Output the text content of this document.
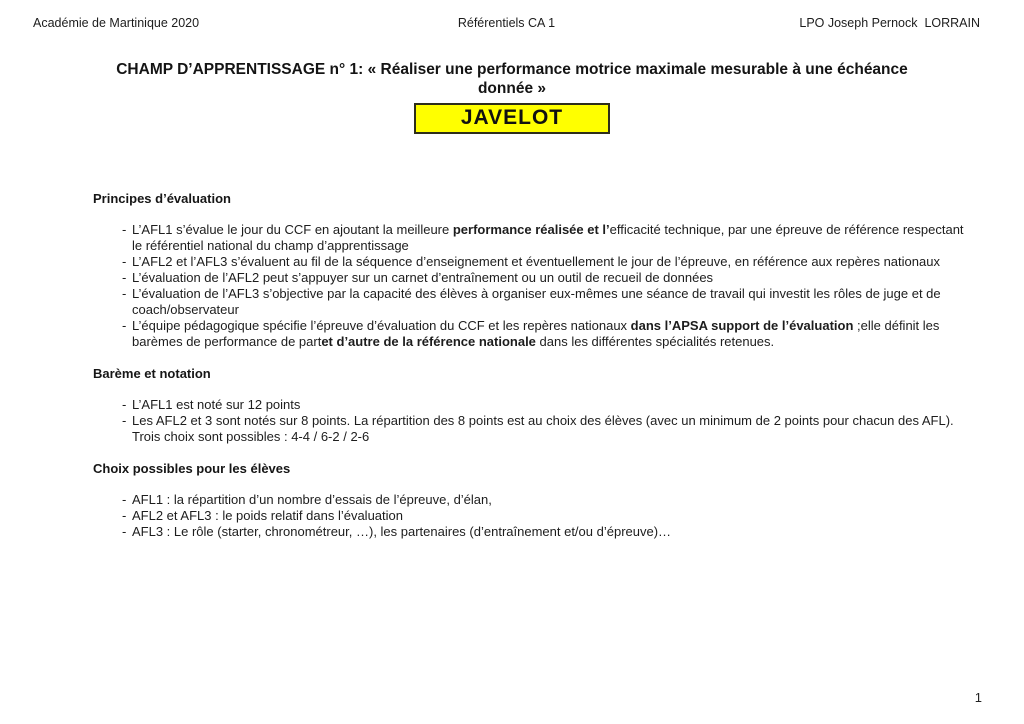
Académie de Martinique 2020	Référentiels CA 1	LPO Joseph Pernock  LORRAIN
CHAMP D’APPRENTISSAGE n° 1: « Réaliser une performance motrice maximale mesurable à une échéance donnée »
JAVELOT
Principes d’évaluation
- L’AFL1 s’évalue le jour du CCF en ajoutant la meilleure performance réalisée et l’efficacité technique, par une épreuve de référence respectant le référentiel national du champ d’apprentissage
- L’AFL2 et l’AFL3 s’évaluent au fil de la séquence d’enseignement et éventuellement le jour de l’épreuve, en référence aux repères nationaux
- L’évaluation de l’AFL2 peut s’appuyer sur un carnet d’entraînement ou un outil de recueil de données
- L’évaluation de l’AFL3 s’objective par la capacité des élèves à organiser eux-mêmes une séance de travail qui investit les rôles de juge et de coach/observateur
- L’équipe pédagogique spécifie l’épreuve d’évaluation du CCF et les repères nationaux dans l’APSA support de l’évaluation ;elle définit les barèmes de performance de partet d’autre de la référence nationale dans les différentes spécialités retenues.
Barème et notation
- L’AFL1 est noté sur 12 points
- Les AFL2 et 3 sont notés sur 8 points. La répartition des 8 points est au choix des élèves (avec un minimum de 2 points pour chacun des AFL). Trois choix sont possibles : 4-4 / 6-2 / 2-6
Choix possibles pour les élèves
- AFL1 : la répartition d’un nombre d’essais de l’épreuve, d’élan,
- AFL2 et AFL3 : le poids relatif dans l’évaluation
- AFL3 : Le rôle (starter, chronométreur, …), les partenaires (d’entraînement et/ou d’épreuve)…
1
